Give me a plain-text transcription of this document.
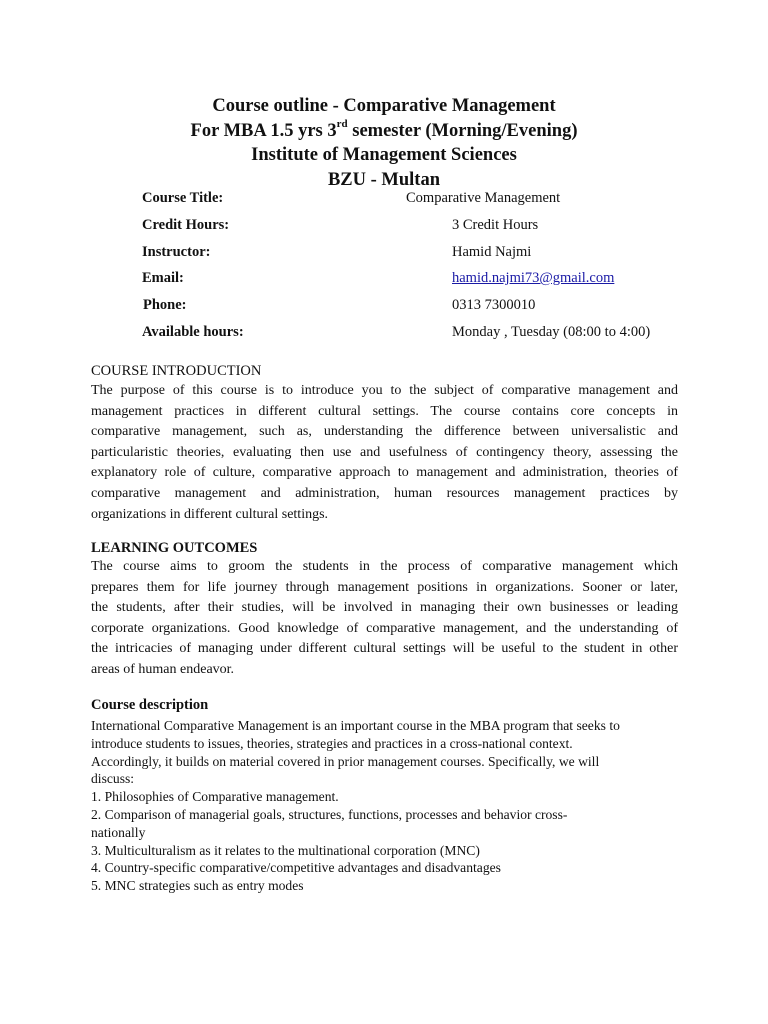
Course outline - Comparative Management
For MBA 1.5 yrs 3rd semester (Morning/Evening)
Institute of Management Sciences
BZU - Multan
Course Title:	Comparative Management
Credit Hours:	3 Credit Hours
Instructor:	Hamid Najmi
Email:	hamid.najmi73@gmail.com
Phone:	0313 7300010
Available hours:	Monday , Tuesday (08:00 to 4:00)
COURSE INTRODUCTION
The purpose of this course is to introduce you to the subject of comparative management and
management practices in different cultural settings. The course contains core concepts in
comparative management, such as, understanding the difference between universalistic and
particularistic theories, evaluating then use and usefulness of contingency theory, assessing the
explanatory role of culture, comparative approach to management and administration, theories of
comparative management and administration, human resources management practices by
organizations in different cultural settings.
LEARNING OUTCOMES
The course aims to groom the students in the process of comparative management which
prepares them for life journey through management positions in organizations. Sooner or later,
the students, after their studies, will be involved in managing their own businesses or leading
corporate organizations. Good knowledge of comparative management, and the understanding of
the intricacies of managing under different cultural settings will be useful to the student in other
areas of human endeavor.
Course description
International Comparative Management is an important course in the MBA program that seeks to
introduce students to issues, theories, strategies and practices in a cross-national context.
Accordingly, it builds on material covered in prior management courses. Specifically, we will
discuss:
1. Philosophies of Comparative management.
2. Comparison of managerial goals, structures, functions, processes and behavior cross-
nationally
3. Multiculturalism as it relates to the multinational corporation (MNC)
4. Country-specific comparative/competitive advantages and disadvantages
5. MNC strategies such as entry modes
